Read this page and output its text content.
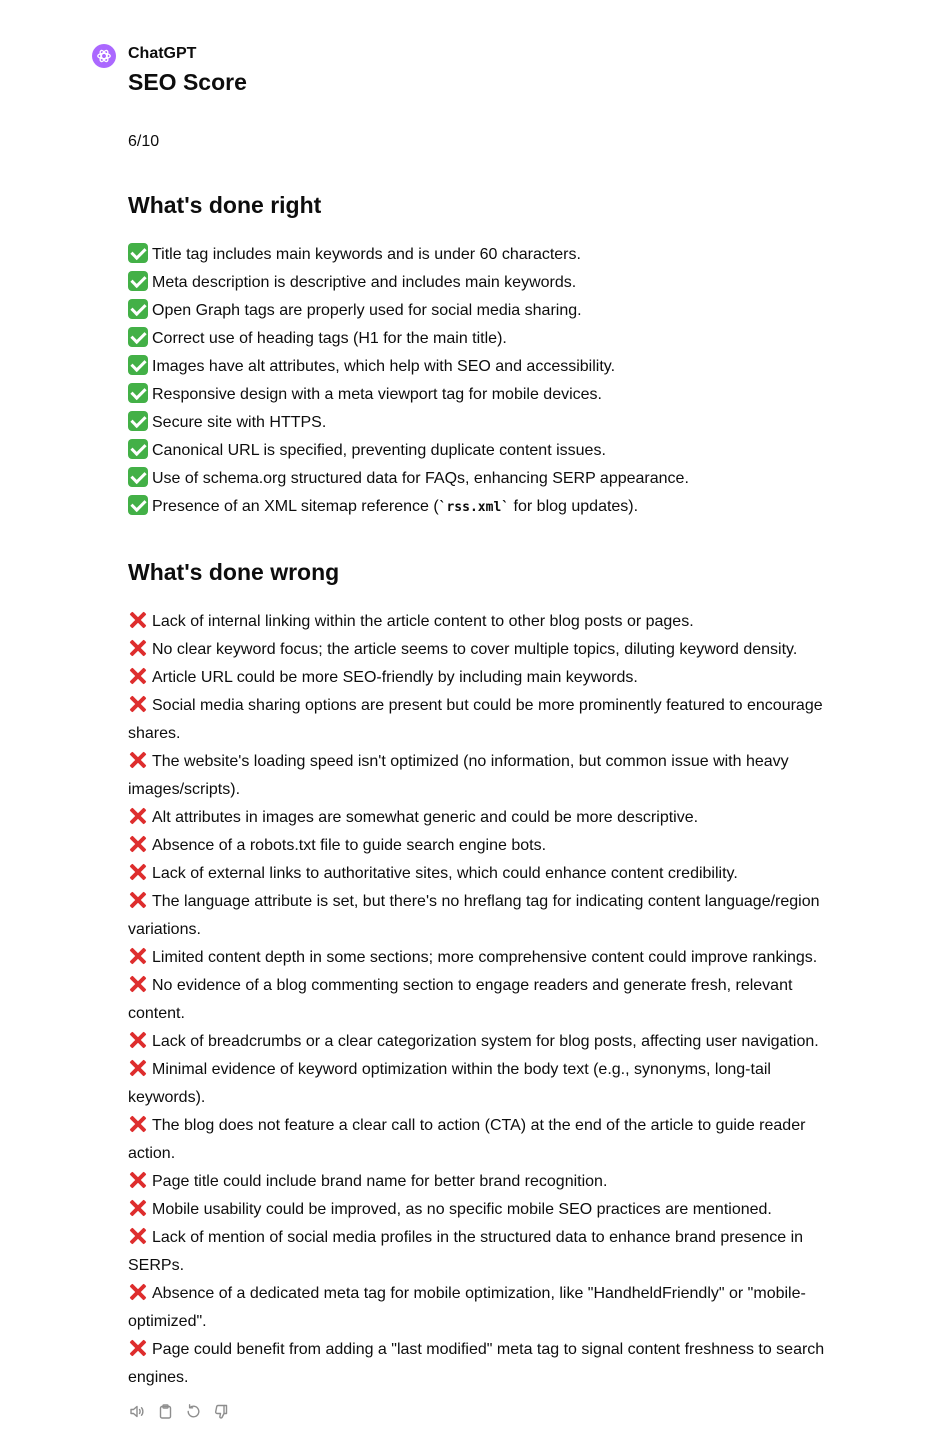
ChatGPT

SEO Score
6/10
What's done right
Title tag includes main keywords and is under 60 characters.
Meta description is descriptive and includes main keywords.
Open Graph tags are properly used for social media sharing.
Correct use of heading tags (H1 for the main title).
Images have alt attributes, which help with SEO and accessibility.
Responsive design with a meta viewport tag for mobile devices.
Secure site with HTTPS.
Canonical URL is specified, preventing duplicate content issues.
Use of schema.org structured data for FAQs, enhancing SERP appearance.
Presence of an XML sitemap reference (`rss.xml` for blog updates).
What's done wrong
Lack of internal linking within the article content to other blog posts or pages.
No clear keyword focus; the article seems to cover multiple topics, diluting keyword density.
Article URL could be more SEO-friendly by including main keywords.
Social media sharing options are present but could be more prominently featured to encourage shares.
The website's loading speed isn't optimized (no information, but common issue with heavy images/scripts).
Alt attributes in images are somewhat generic and could be more descriptive.
Absence of a robots.txt file to guide search engine bots.
Lack of external links to authoritative sites, which could enhance content credibility.
The language attribute is set, but there's no hreflang tag for indicating content language/region variations.
Limited content depth in some sections; more comprehensive content could improve rankings.
No evidence of a blog commenting section to engage readers and generate fresh, relevant content.
Lack of breadcrumbs or a clear categorization system for blog posts, affecting user navigation.
Minimal evidence of keyword optimization within the body text (e.g., synonyms, long-tail keywords).
The blog does not feature a clear call to action (CTA) at the end of the article to guide reader action.
Page title could include brand name for better brand recognition.
Mobile usability could be improved, as no specific mobile SEO practices are mentioned.
Lack of mention of social media profiles in the structured data to enhance brand presence in SERPs.
Absence of a dedicated meta tag for mobile optimization, like "HandheldFriendly" or "mobile-optimized".
Page could benefit from adding a "last modified" meta tag to signal content freshness to search engines.
